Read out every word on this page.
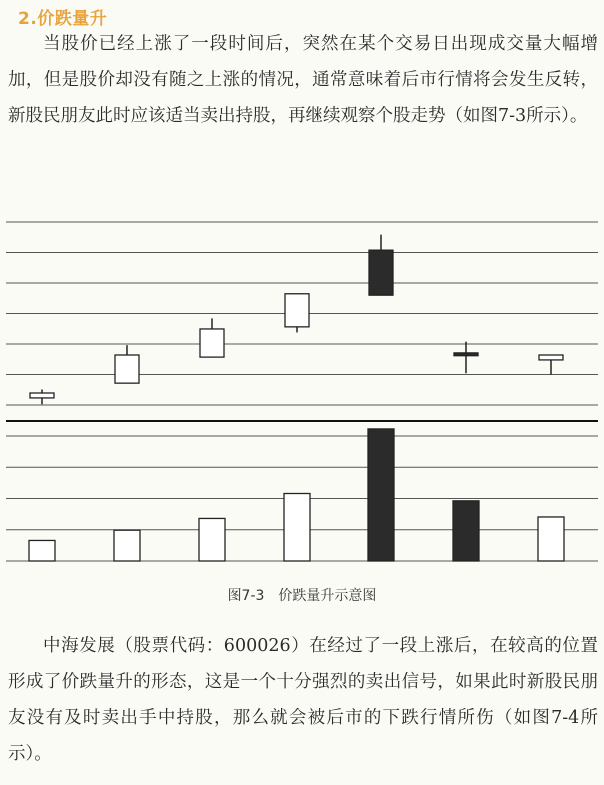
2.价跌量升

当股价已经上涨了一段时间后，突然在某个交易日出现成交量大幅增加，但是股价却没有随之上涨的情况，通常意味着后市行情将会发生反转，新股民朋友此时应该适当卖出持股，再继续观察个股走势（如图7-3所示）。

图7-3　价跌量升示意图

中海发展（股票代码：600026）在经过了一段上涨后，在较高的位置形成了价跌量升的形态，这是一个十分强烈的卖出信号，如果此时新股民朋友没有及时卖出手中持股，那么就会被后市的下跌行情所伤（如图7-4所示）。
